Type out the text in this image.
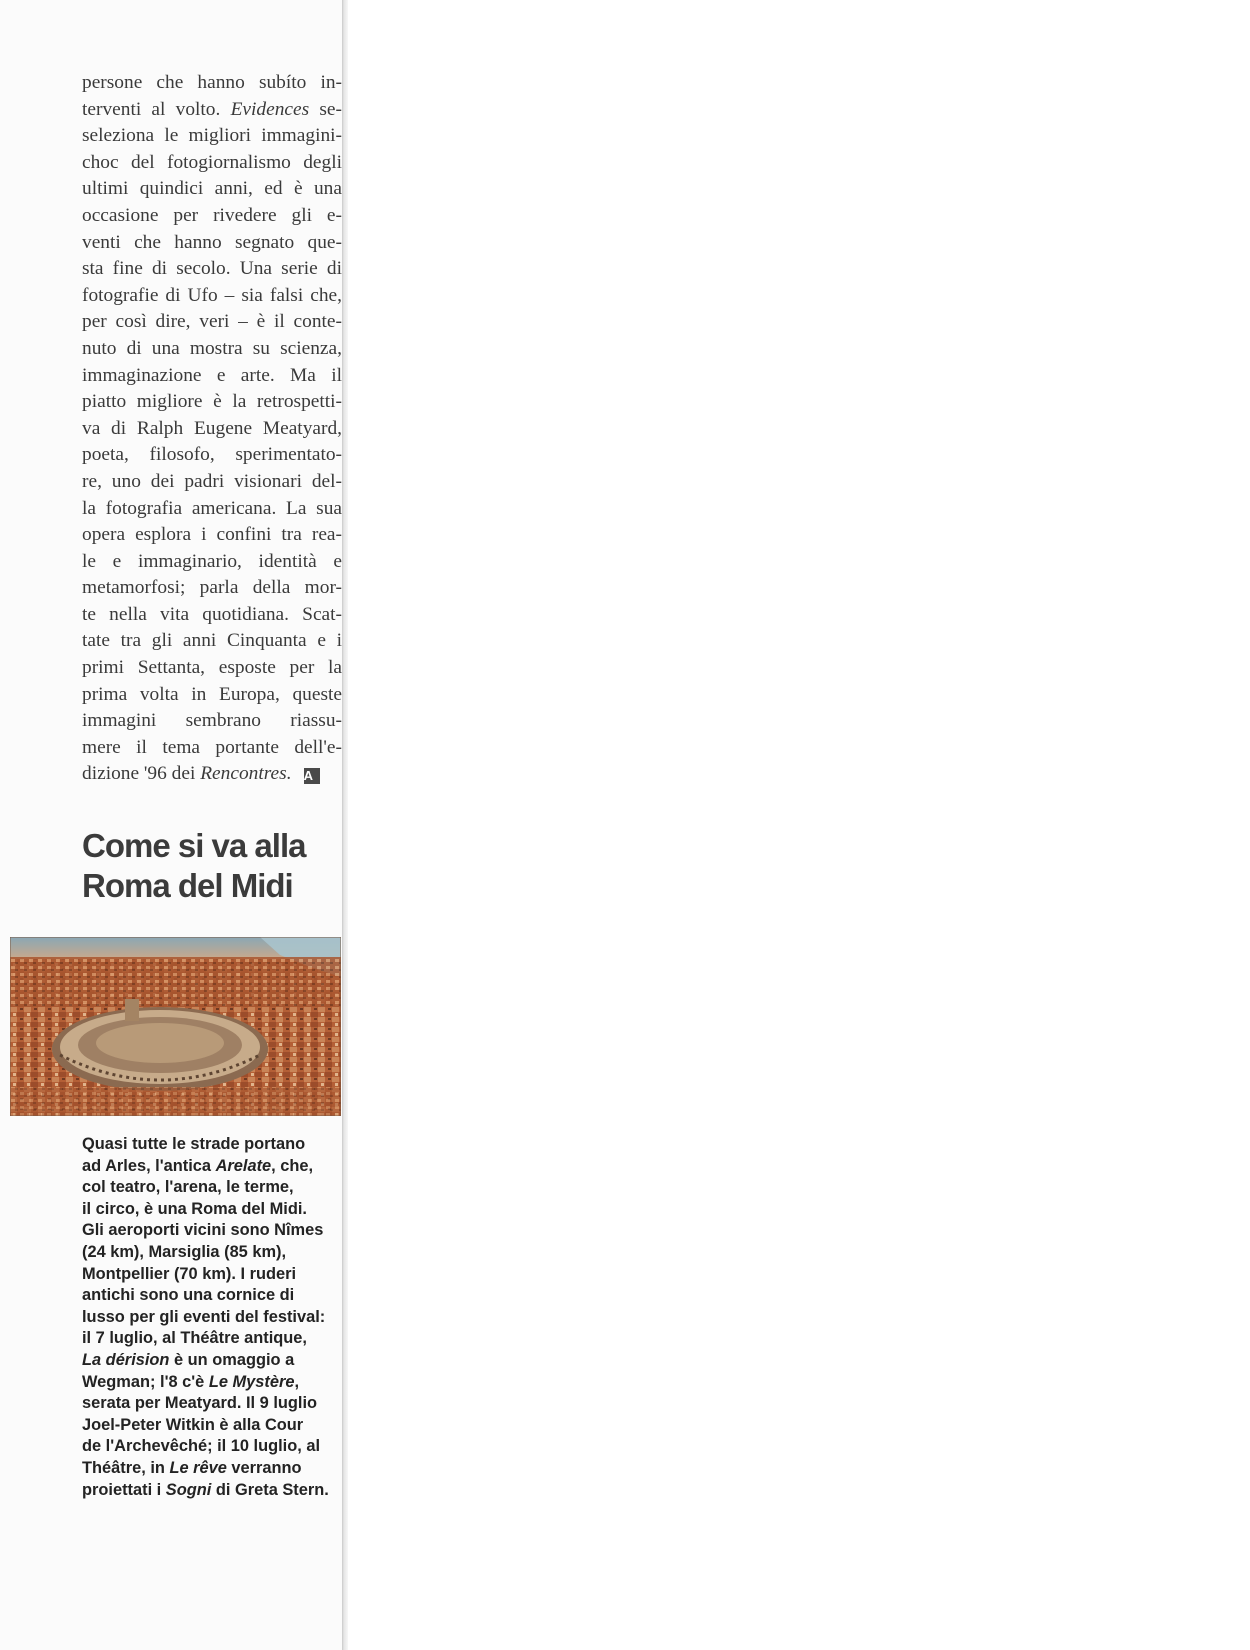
persone che hanno subíto in-
terventi al volto. Evidences se-
seleziona le migliori immagini-
choc del fotogiornalismo degli
ultimi quindici anni, ed è una
occasione per rivedere gli e-
venti che hanno segnato que-
sta fine di secolo. Una serie di
fotografie di Ufo – sia falsi che,
per così dire, veri – è il conte-
nuto di una mostra su scienza,
immaginazione e arte. Ma il
piatto migliore è la retrospetti-
va di Ralph Eugene Meatyard,
poeta, filosofo, sperimentato-
re, uno dei padri visionari del-
la fotografia americana. La sua
opera esplora i confini tra rea-
le e immaginario, identità e
metamorfosi; parla della mor-
te nella vita quotidiana. Scat-
tate tra gli anni Cinquanta e i
primi Settanta, esposte per la
prima volta in Europa, queste
immagini sembrano riassu-
mere il tema portante dell'e-
dizione '96 dei Rencontres. A
Come si va alla
Roma del Midi
Quasi tutte le strade portano
ad Arles, l'antica Arelate, che,
col teatro, l'arena, le terme,
il circo, è una Roma del Midi.
Gli aeroporti vicini sono Nîmes
(24 km), Marsiglia (85 km),
Montpellier (70 km). I ruderi
antichi sono una cornice di
lusso per gli eventi del festival:
il 7 luglio, al Théâtre antique,
La dérision è un omaggio a
Wegman; l'8 c'è Le Mystère,
serata per Meatyard. Il 9 luglio
Joel-Peter Witkin è alla Cour
de l'Archevêché; il 10 luglio, al
Théâtre, in Le rêve verranno
proiettati i Sogni di Greta Stern.
